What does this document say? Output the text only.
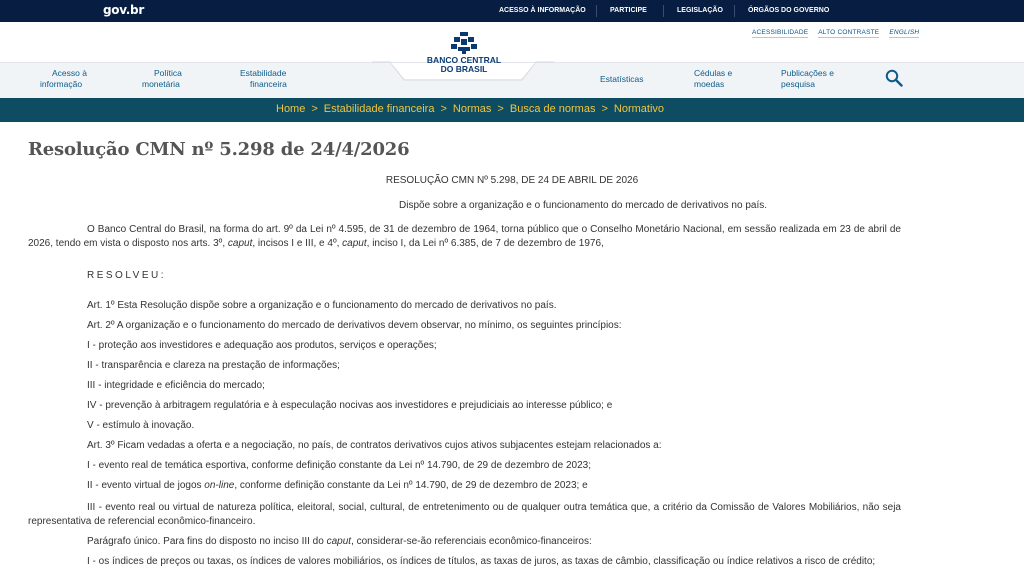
gov.br	ACESSO À INFORMAÇÃO	PARTICIPE	LEGISLAÇÃO	ÓRGÃOS DO GOVERNO
BANCO CENTRAL
DO BRASIL
ACESSIBILIDADE ALTO CONTRASTE ENGLISH
Acesso à
informação
Política
monetária
Estabilidade
financeira	Estatísticas
Cédulas e
moedas
Publicações e
pesquisa
Home > Estabilidade financeira > Normas > Busca de normas > Normativo
Resolução CMN nº 5.298 de 24/4/2026
RESOLUÇÃO CMN Nº 5.298, DE 24 DE ABRIL DE 2026
Dispõe sobre a organização e o funcionamento do mercado de derivativos no país.
O Banco Central do Brasil, na forma do art. 9º da Lei nº 4.595, de 31 de dezembro de 1964, torna público que o Conselho Monetário Nacional, em sessão realizada em 23 de abril de 2026, tendo em vista o disposto nos arts. 3º, caput, incisos I e III, e 4º, caput, inciso I, da Lei nº 6.385, de 7 de dezembro de 1976,
RESOLVEU:
Art. 1º Esta Resolução dispõe sobre a organização e o funcionamento do mercado de derivativos no país.
Art. 2º A organização e o funcionamento do mercado de derivativos devem observar, no mínimo, os seguintes princípios:
I - proteção aos investidores e adequação aos produtos, serviços e operações;
II - transparência e clareza na prestação de informações;
III - integridade e eficiência do mercado;
IV - prevenção à arbitragem regulatória e à especulação nocivas aos investidores e prejudiciais ao interesse público; e
V - estímulo à inovação.
Art. 3º Ficam vedadas a oferta e a negociação, no país, de contratos derivativos cujos ativos subjacentes estejam relacionados a:
I - evento real de temática esportiva, conforme definição constante da Lei nº 14.790, de 29 de dezembro de 2023;
II - evento virtual de jogos on-line, conforme definição constante da Lei nº 14.790, de 29 de dezembro de 2023; e
III - evento real ou virtual de natureza política, eleitoral, social, cultural, de entretenimento ou de qualquer outra temática que, a critério da Comissão de Valores Mobiliários, não seja representativa de referencial econômico-financeiro.
Parágrafo único. Para fins do disposto no inciso III do caput, considerar-se-ão referenciais econômico-financeiros:
I - os índices de preços ou taxas, os índices de valores mobiliários, os índices de títulos, as taxas de juros, as taxas de câmbio, classificação ou índice relativos a risco de crédito;
